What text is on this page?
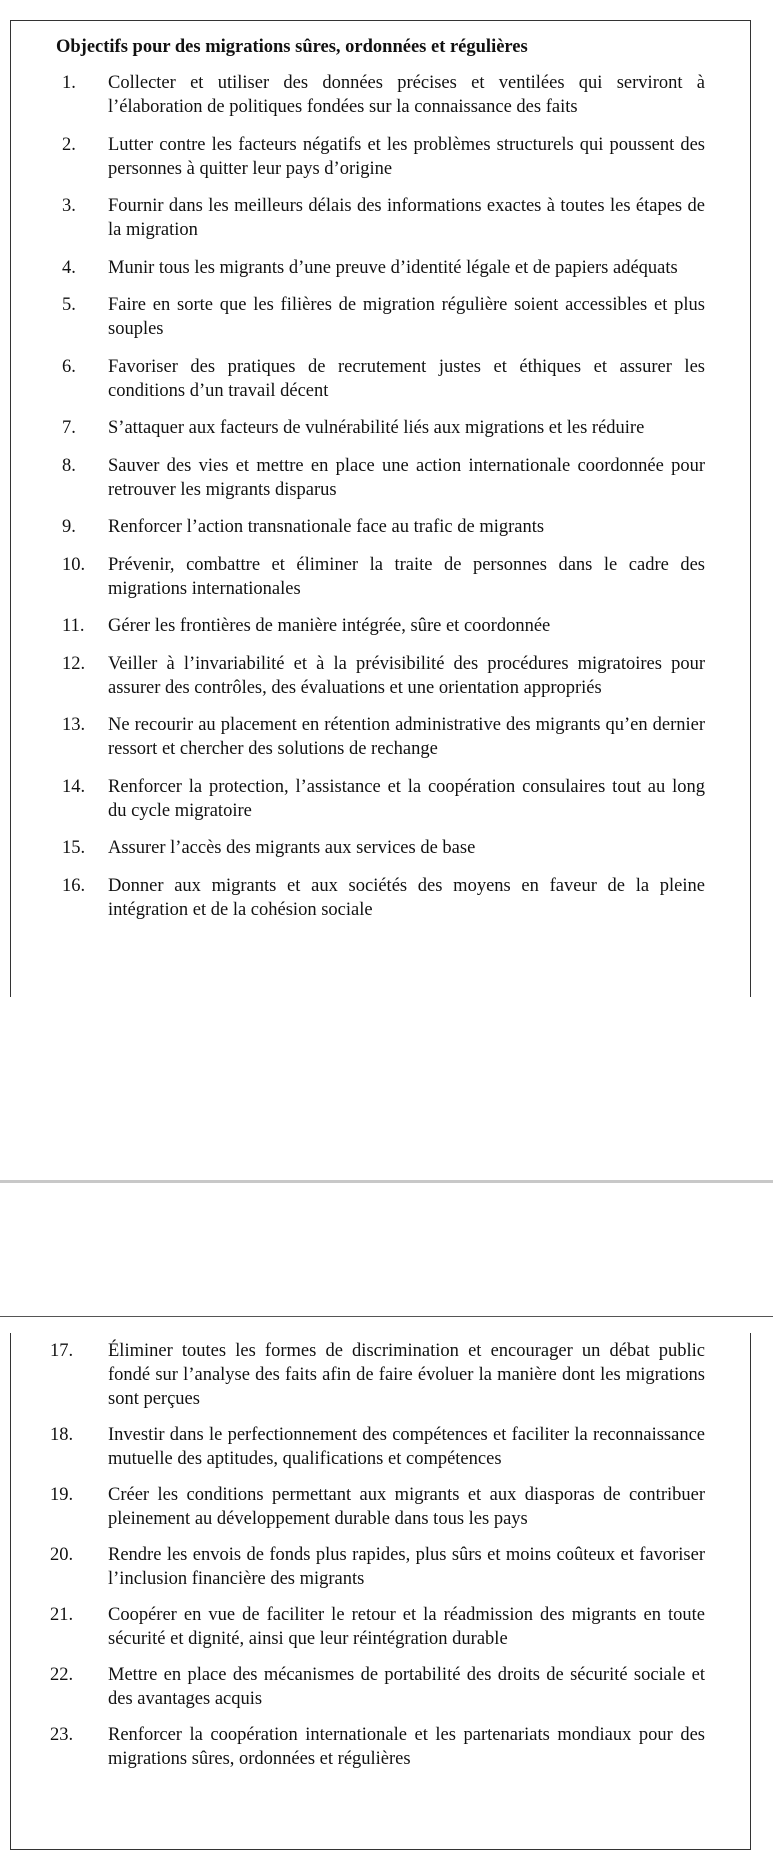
Objectifs pour des migrations sûres, ordonnées et régulières
1.	Collecter et utiliser des données précises et ventilées qui serviront à l’élaboration de politiques fondées sur la connaissance des faits
2.	Lutter contre les facteurs négatifs et les problèmes structurels qui poussent des personnes à quitter leur pays d’origine
3.	Fournir dans les meilleurs délais des informations exactes à toutes les étapes de la migration
4.	Munir tous les migrants d’une preuve d’identité légale et de papiers adéquats
5.	Faire en sorte que les filières de migration régulière soient accessibles et plus souples
6.	Favoriser des pratiques de recrutement justes et éthiques et assurer les conditions d’un travail décent
7.	S’attaquer aux facteurs de vulnérabilité liés aux migrations et les réduire
8.	Sauver des vies et mettre en place une action internationale coordonnée pour retrouver les migrants disparus
9.	Renforcer l’action transnationale face au trafic de migrants
10.	Prévenir, combattre et éliminer la traite de personnes dans le cadre des migrations internationales
11.	Gérer les frontières de manière intégrée, sûre et coordonnée
12.	Veiller à l’invariabilité et à la prévisibilité des procédures migratoires pour assurer des contrôles, des évaluations et une orientation appropriés
13.	Ne recourir au placement en rétention administrative des migrants qu’en dernier ressort et chercher des solutions de rechange
14.	Renforcer la protection, l’assistance et la coopération consulaires tout au long du cycle migratoire
15.	Assurer l’accès des migrants aux services de base
16.	Donner aux migrants et aux sociétés des moyens en faveur de la pleine intégration et de la cohésion sociale
17.	Éliminer toutes les formes de discrimination et encourager un débat public fondé sur l’analyse des faits afin de faire évoluer la manière dont les migrations sont perçues
18.	Investir dans le perfectionnement des compétences et faciliter la reconnaissance mutuelle des aptitudes, qualifications et compétences
19.	Créer les conditions permettant aux migrants et aux diasporas de contribuer pleinement au développement durable dans tous les pays
20.	Rendre les envois de fonds plus rapides, plus sûrs et moins coûteux et favoriser l’inclusion financière des migrants
21.	Coopérer en vue de faciliter le retour et la réadmission des migrants en toute sécurité et dignité, ainsi que leur réintégration durable
22.	Mettre en place des mécanismes de portabilité des droits de sécurité sociale et des avantages acquis
23.	Renforcer la coopération internationale et les partenariats mondiaux pour des migrations sûres, ordonnées et régulières
